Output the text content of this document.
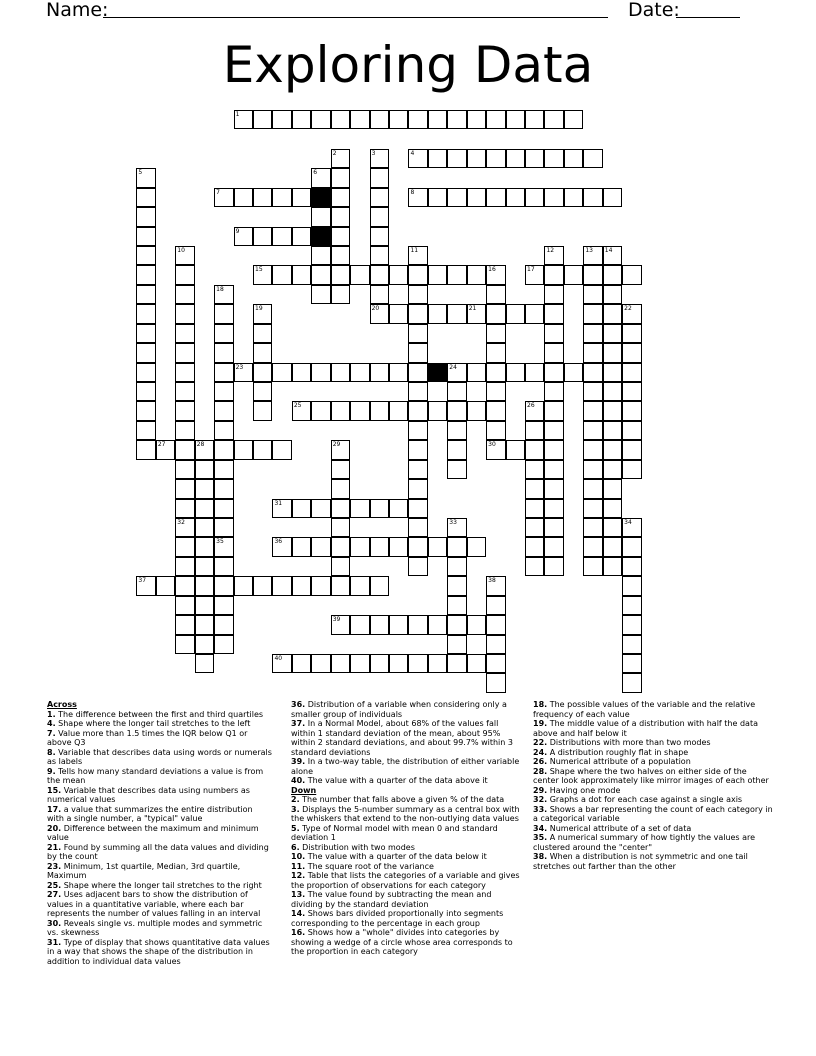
Name:	Date:
Exploring Data
1
2	3
20
4
5	6
7	8
9
10	11	12	13 14
15	16	17
18
35
19	21	22
23	24
25	26
27	28	29	30
31
32	33	34
36
37	38
39
40
Across
1. The difference between the first and third quartiles
4. Shape where the longer tail stretches to the left
7. Value more than 1.5 times the IQR below Q1 or above Q3
8. Variable that describes data using words or numerals as labels
9. Tells how many standard deviations a value is from the mean
15. Variable that describes data using numbers as numerical values
17. a value that summarizes the entire distribution with a single number, a "typical" value
20. Difference between the maximum and minimum value
21. Found by summing all the data values and dividing by the count
23. Minimum, 1st quartile, Median, 3rd quartile, Maximum
25. Shape where the longer tail stretches to the right
27. Uses adjacent bars to show the distribution of values in a quantitative variable, where each bar represents the number of values falling in an interval
30. Reveals single vs. multiple modes and symmetric vs. skewness
31. Type of display that shows quantitative data values in a way that shows the shape of the distribution in addition to individual data values
36. Distribution of a variable when considering only a smaller group of individuals
37. In a Normal Model, about 68% of the values fall within 1 standard deviation of the mean, about 95% within 2 standard deviations, and about 99.7% within 3 standard deviations
39. In a two-way table, the distribution of either variable alone
40. The value with a quarter of the data above it
Down
2. The number that falls above a given % of the data
3. Displays the 5-number summary as a central box with the whiskers that extend to the non-outlying data values
5. Type of Normal model with mean 0 and standard deviation 1
6. Distribution with two modes
10. The value with a quarter of the data below it
11. The square root of the variance
12. Table that lists the categories of a variable and gives the proportion of observations for each category
13. The value found by subtracting the mean and dividing by the standard deviation
14. Shows bars divided proportionally into segments corresponding to the percentage in each group
16. Shows how a "whole" divides into categories by showing a wedge of a circle whose area corresponds to the proportion in each category
18. The possible values of the variable and the relative frequency of each value
19. The middle value of a distribution with half the data above and half below it
22. Distributions with more than two modes
24. A distribution roughly flat in shape
26. Numerical attribute of a population
28. Shape where the two halves on either side of the center look approximately like mirror images of each other
29. Having one mode
32. Graphs a dot for each case against a single axis
33. Shows a bar representing the count of each category in a categorical variable
34. Numerical attribute of a set of data
35. A numerical summary of how tightly the values are clustered around the "center"
38. When a distribution is not symmetric and one tail stretches out farther than the other
